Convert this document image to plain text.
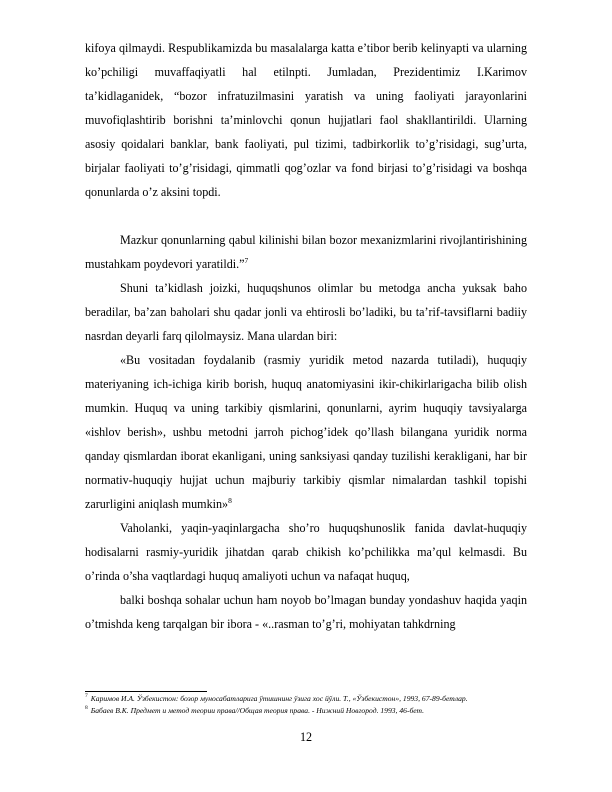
kifoya qilmaydi. Respublikamizda bu masalalarga katta e’tibor berib kelinyapti va ularning ko’pchiligi muvaffaqiyatli hal etilnpti. Jumladan, Prezidentimiz I.Karimov ta’kidlaganidek, “bozor infratuzilmasini yaratish va uning faoliyati jarayonlarini muvofiqlashtirib borishni ta’minlovchi qonun hujjatlari faol shakllantirildi. Ularning asosiy qoidalari banklar, bank faoliyati, pul tizimi, tadbirkorlik to’g’risidagi, sug’urta, birjalar faoliyati to’g’risidagi, qimmatli qog’ozlar va fond birjasi to’g’risidagi va boshqa qonunlarda o’z aksini topdi.

Mazkur qonunlarning qabul kilinishi bilan bozor mexanizmlarini rivojlantirishining mustahkam poydevori yaratildi.”$^7$

Shuni ta’kidlash joizki, huquqshunos olimlar bu metodga ancha yuksak baho beradilar, ba’zan baholari shu qadar jonli va ehtirosli bo’ladiki, bu ta’rif-tavsiflarni badiiy nasrdan deyarli farq qilolmaysiz. Mana ulardan biri:

«Bu vositadan foydalanib (rasmiy yuridik metod nazarda tutiladi), huquqiy materiyaning ich-ichiga kirib borish, huquq anatomiyasini ikir-chikirlarigacha bilib olish mumkin. Huquq va uning tarkibiy qismlarini, qonunlarni, ayrim huquqiy tavsiyalarga «ishlov berish», ushbu metodni jarroh pichog’idek qo’llash bilangana yuridik norma qanday qismlardan iborat ekanligani, uning sanksiyasi qanday tuzilishi kerakligani, har bir normativ-huquqiy hujjat uchun majburiy tarkibiy qismlar nimalardan tashkil topishi zarurligini aniqlash mumkin»$^8$

Vaholanki, yaqin-yaqinlargacha sho’ro huquqshunoslik fanida davlat-huquqiy hodisalarni rasmiy-yuridik jihatdan qarab chikish ko’pchilikka ma’qul kelmasdi. Bu o’rinda o’sha vaqtlardagi huquq amaliyoti uchun va nafaqat huquq,

balki boshqa sohalar uchun ham noyob bo’lmagan bunday yondashuv haqida yaqin o’tmishda keng tarqalgan bir ibora - «..rasman to’g’ri, mohiyatan tahkdrning

$^7$ Каримов И.А. Ўзбекистон: бозор муносабатларига ўтишнинг ўзига хос йўли. Т., «Ўзбекистон», 1993, 67-89-бетлар.
$^8$ Бабаев В.К. Предмет и метод теории права//Общая теория права. - Нижний Новгород. 1993, 46-бет.
12
